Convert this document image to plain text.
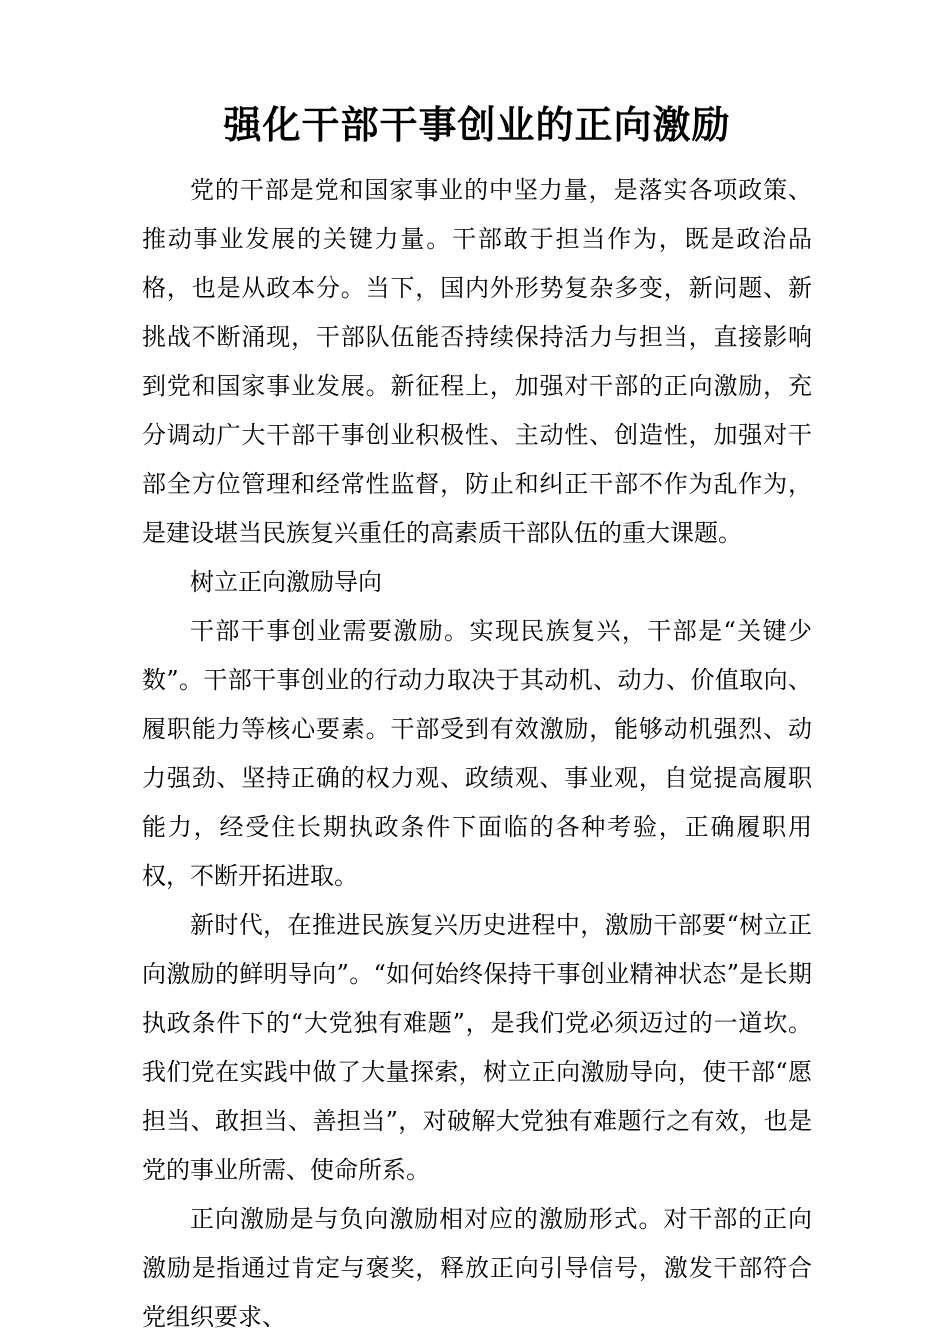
强化干部干事创业的正向激励

党的干部是党和国家事业的中坚力量，是落实各项政策、推动事业发展的关键力量。干部敢于担当作为，既是政治品格，也是从政本分。当下，国内外形势复杂多变，新问题、新挑战不断涌现，干部队伍能否持续保持活力与担当，直接影响到党和国家事业发展。新征程上，加强对干部的正向激励，充分调动广大干部干事创业积极性、主动性、创造性，加强对干部全方位管理和经常性监督，防止和纠正干部不作为乱作为，是建设堪当民族复兴重任的高素质干部队伍的重大课题。

树立正向激励导向

干部干事创业需要激励。实现民族复兴，干部是“关键少数”。干部干事创业的行动力取决于其动机、动力、价值取向、履职能力等核心要素。干部受到有效激励，能够动机强烈、动力强劲、坚持正确的权力观、政绩观、事业观，自觉提高履职能力，经受住长期执政条件下面临的各种考验，正确履职用权，不断开拓进取。

新时代，在推进民族复兴历史进程中，激励干部要“树立正向激励的鲜明导向”。“如何始终保持干事创业精神状态”是长期执政条件下的“大党独有难题”，是我们党必须迈过的一道坎。我们党在实践中做了大量探索，树立正向激励导向，使干部“愿担当、敢担当、善担当”，对破解大党独有难题行之有效，也是党的事业所需、使命所系。

正向激励是与负向激励相对应的激励形式。对干部的正向激励是指通过肯定与褒奖，释放正向引导信号，激发干部符合党组织要求、
